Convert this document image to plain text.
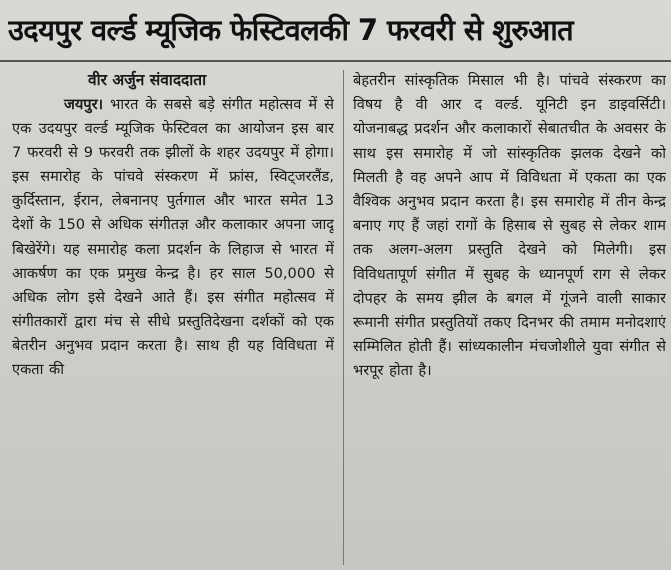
उदयपुर वर्ल्ड म्यूजिक फेस्टिवलकी 7 फरवरी से शुरुआत
वीर अर्जुन संवाददाता

जयपुर। भारत के सबसे बड़े संगीत महोत्सव में से एक उदयपुर वर्ल्ड म्यूजिक फेस्टिवल का आयोजन इस बार 7 फरवरी से 9 फरवरी तक झीलों के शहर उदयपुर में होगा। इस समारोह के पांचवे संस्करण में फ्रांस, स्विट्जरलैंड, कुर्दिस्तान, ईरान, लेबनानए पुर्तगाल और भारत समेत 13 देशों के 150 से अधिक संगीतज्ञ और कलाकार अपना जादू बिखेरेंगे। यह समारोह कला प्रदर्शन के लिहाज से भारत में आकर्षण का एक प्रमुख केन्द्र है। हर साल 50,000 से अधिक लोग इसे देखने आते हैं। इस संगीत महोत्सव में संगीतकारों द्वारा मंच से सीधे प्रस्तुतिदेखना दर्शकों को एक बेतरीन अनुभव प्रदान करता है। साथ ही यह विविधता में एकता की

बेहतरीन सांस्कृतिक मिसाल भी है। पांचवे संस्करण का विषय है वी आर द वर्ल्ड. यूनिटी इन डाइवर्सिटी। योजनाबद्ध प्रदर्शन और कलाकारों सेबातचीत के अवसर के साथ इस समारोह में जो सांस्कृतिक झलक देखने को मिलती है वह अपने आप में विविधता में एकता का एक वैश्विक अनुभव प्रदान करता है। इस समारोह में तीन केन्द्र बनाए गए हैं जहां रागों के हिसाब से सुबह से लेकर शाम तक अलग-अलग प्रस्तुति देखने को मिलेगी। इस विविधतापूर्ण संगीत में सुबह के ध्यानपूर्ण राग से लेकर दोपहर के समय झील के बगल में गूंजने वाली साकार रूमानी संगीत प्रस्तुतियों तकए दिनभर की तमाम मनोदशाएं सम्मिलित होती हैं। सांध्यकालीन मंचजोशीले युवा संगीत से भरपूर होता है।
